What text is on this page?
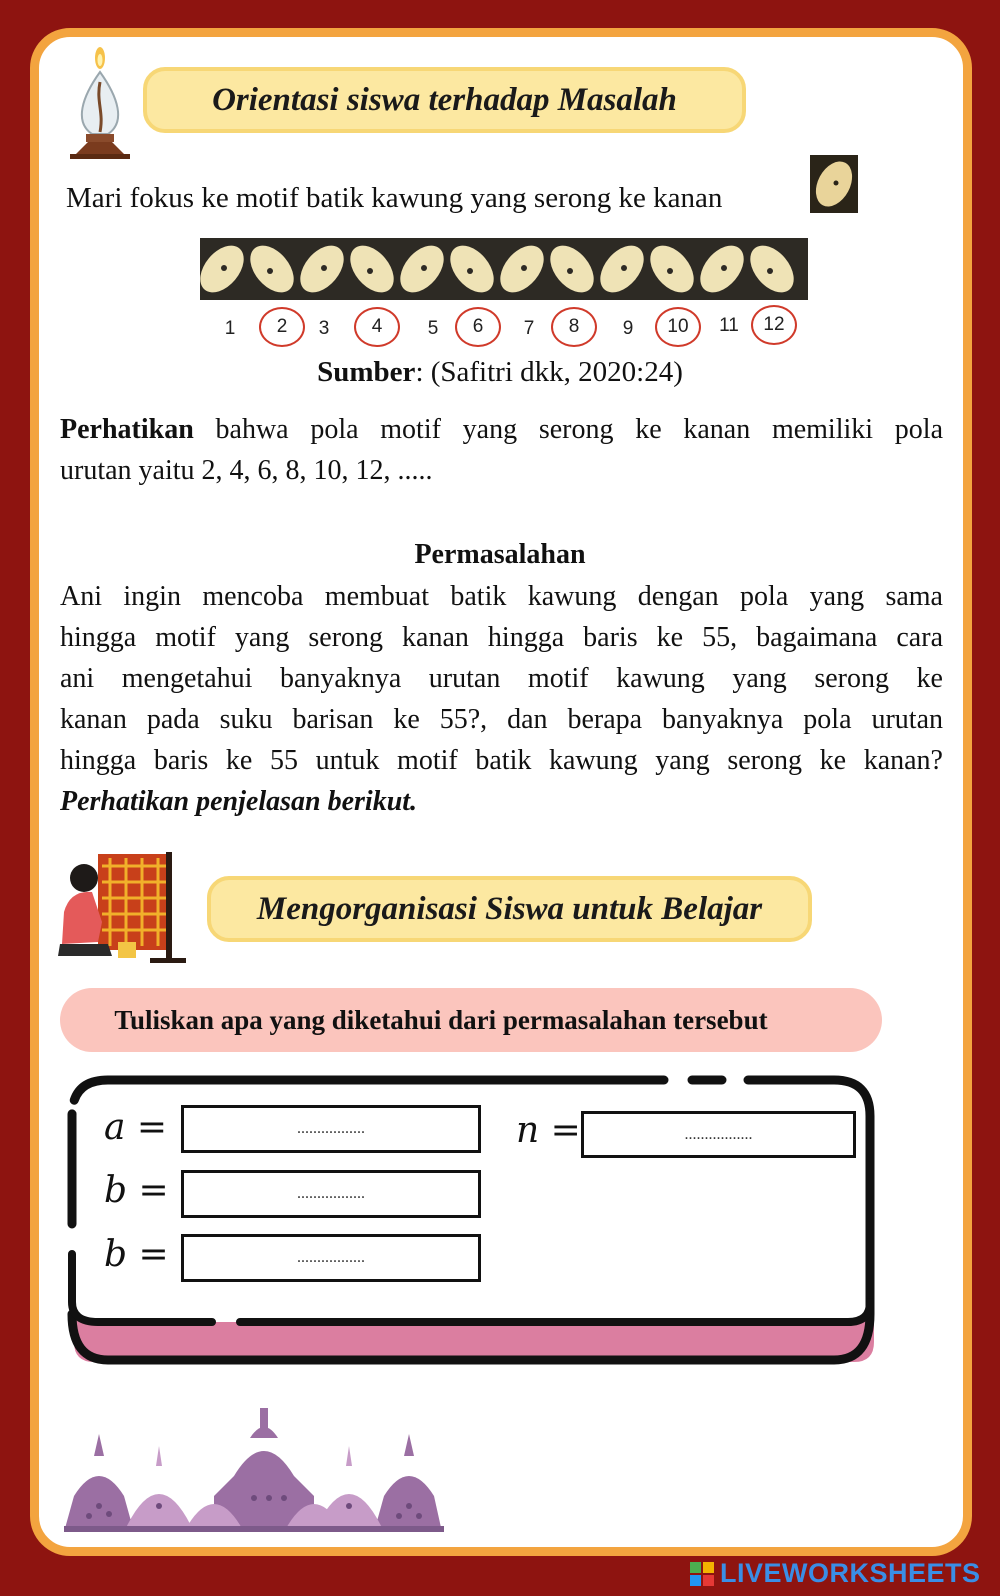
Orientasi siswa terhadap Masalah
Mari fokus ke motif batik kawung yang serong ke kanan
1	2	3	4	5	6	7	8	9	10	11	12
Sumber: (Safitri dkk, 2020:24)
Perhatikan bahwa pola motif yang serong ke kanan memiliki pola
urutan yaitu 2, 4, 6, 8, 10, 12, .....
Permasalahan
Ani ingin mencoba membuat batik kawung dengan pola yang sama
hingga motif yang serong kanan hingga baris ke 55, bagaimana cara
ani mengetahui banyaknya urutan motif kawung yang serong ke
kanan pada suku barisan ke 55?, dan berapa banyaknya pola urutan
hingga baris ke 55 untuk motif batik kawung yang serong ke kanan?
Perhatikan penjelasan berikut.
Mengorganisasi Siswa untuk Belajar
Tuliskan apa yang diketahui dari permasalahan tersebut
a =	.................	n =	.................
b =	.................
b =	.................
LIVEWORKSHEETS
